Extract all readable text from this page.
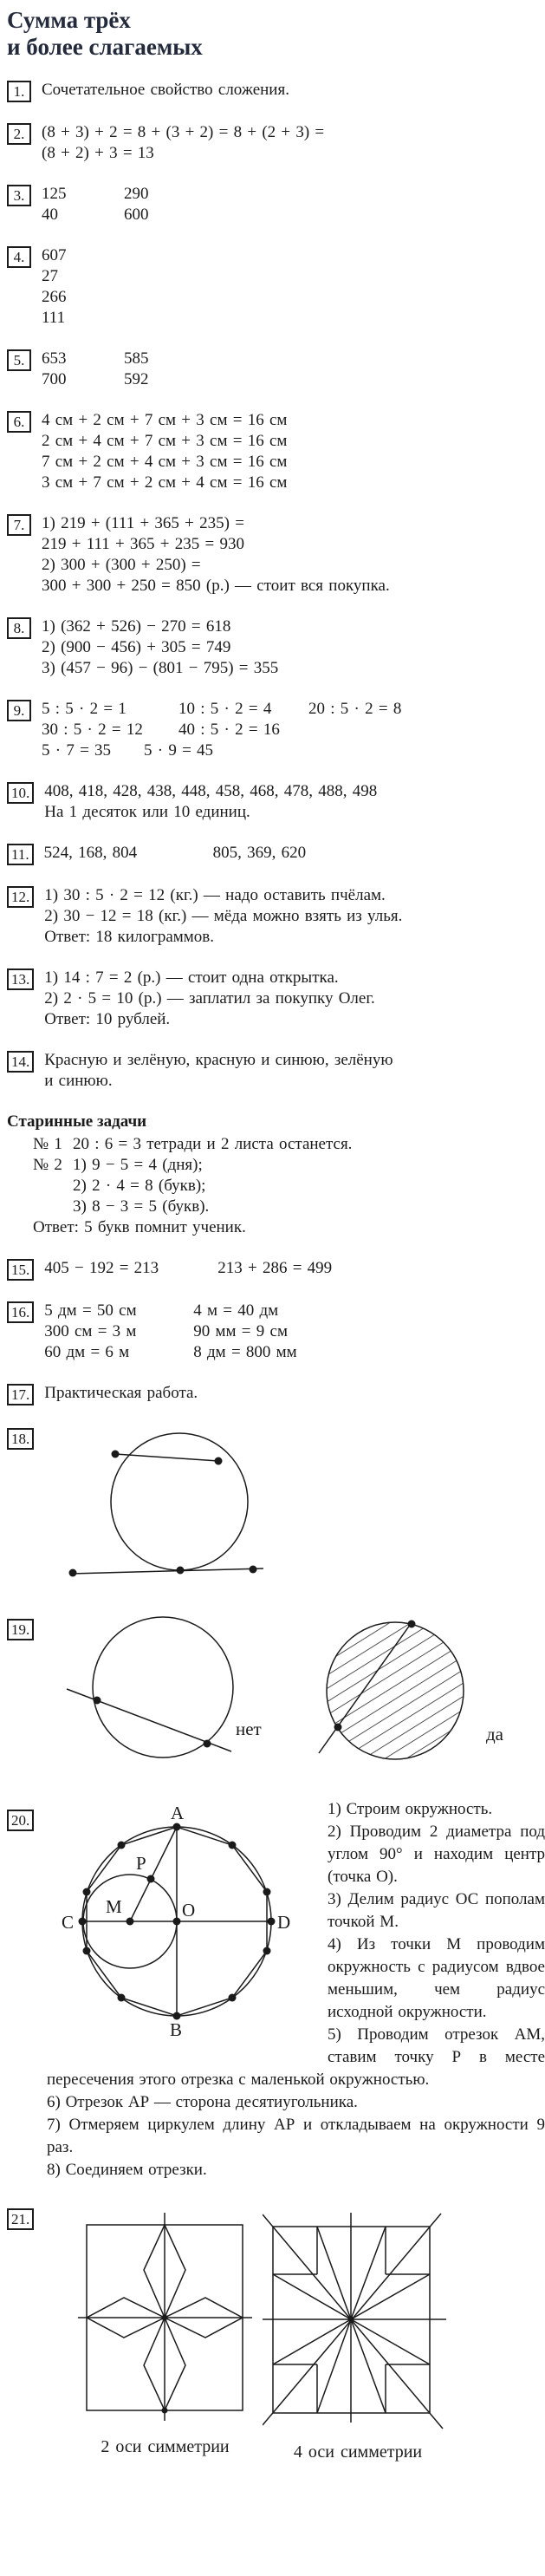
Сумма трёх
и более слагаемых
1.	Сочетательное свойство сложения.
2.	(8 + 3) + 2 = 8 + (3 + 2) = 8 + (2 + 3) =
(8 + 2) + 3 = 13
3.	125	290
40	600
4.	607
27
266
111
5.	653	585
700	592
6.	4 см + 2 см + 7 см + 3 см = 16 см
2 см + 4 см + 7 см + 3 см = 16 см
7 см + 2 см + 4 см + 3 см = 16 см
3 см + 7 см + 2 см + 4 см = 16 см
7.	1) 219 + (111 + 365 + 235) =
219 + 111 + 365 + 235 = 930
2) 300 + (300 + 250) =
300 + 300 + 250 = 850 (р.) — стоит вся покупка.
8.	1) (362 + 526) − 270 = 618
2) (900 − 456) + 305 = 749
3) (457 − 96) − (801 − 795) = 355
9.	5 : 5 · 2 = 1	10 : 5 · 2 = 4 20 : 5 · 2 = 8
30 : 5 · 2 = 12 40 : 5 · 2 = 16
5 · 7 = 35 5 · 9 = 45
10. 408, 418, 428, 438, 448, 458, 468, 478, 488, 498
На 1 десяток или 10 единиц.
11. 524, 168, 804	805, 369, 620
12. 1) 30 : 5 · 2 = 12 (кг.) — надо оставить пчёлам.
2) 30 − 12 = 18 (кг.) — мёда можно взять из улья.
Ответ: 18 килограммов.
13. 1) 14 : 7 = 2 (р.) — стоит одна открытка.
2) 2 · 5 = 10 (р.) — заплатил за покупку Олег.
Ответ: 10 рублей.
14. Красную и зелёную, красную и синюю, зелёную
и синюю.
Старинные задачи
№ 1 20 : 6 = 3 тетради и 2 листа останется.
№ 2 1) 9 − 5 = 4 (дня);
2) 2 · 4 = 8 (букв);
3) 8 − 3 = 5 (букв).
Ответ: 5 букв помнит ученик.
15. 405 − 192 = 213	213 + 286 = 499
16. 5 дм = 50 см	4 м = 40 дм
300 см = 3 м	90 мм = 9 см
60 дм = 6 м	8 дм = 800 мм
17. Практическая работа.
18.
19.
нет	да
20.	A
B
C	D
O
M
P

1) Строим окружность.

2) Проводим 2 диаметра под углом 90° и находим центр (точка О).

3) Делим радиус ОС пополам точкой М.

4) Из точки М проводим окружность с радиусом вдвое меньшим, чем радиус исходной окружности.

5) Проводим отрезок АМ, ставим точку Р в месте пересечения этого отрезка с маленькой окружностью.

6) Отрезок АР — сторона десятиугольника.

7) Отмеряем циркулем длину АР и откладываем на окружности 9 раз.

8) Соединяем отрезки.

21.
2 оси симметрии	4 оси симметрии
